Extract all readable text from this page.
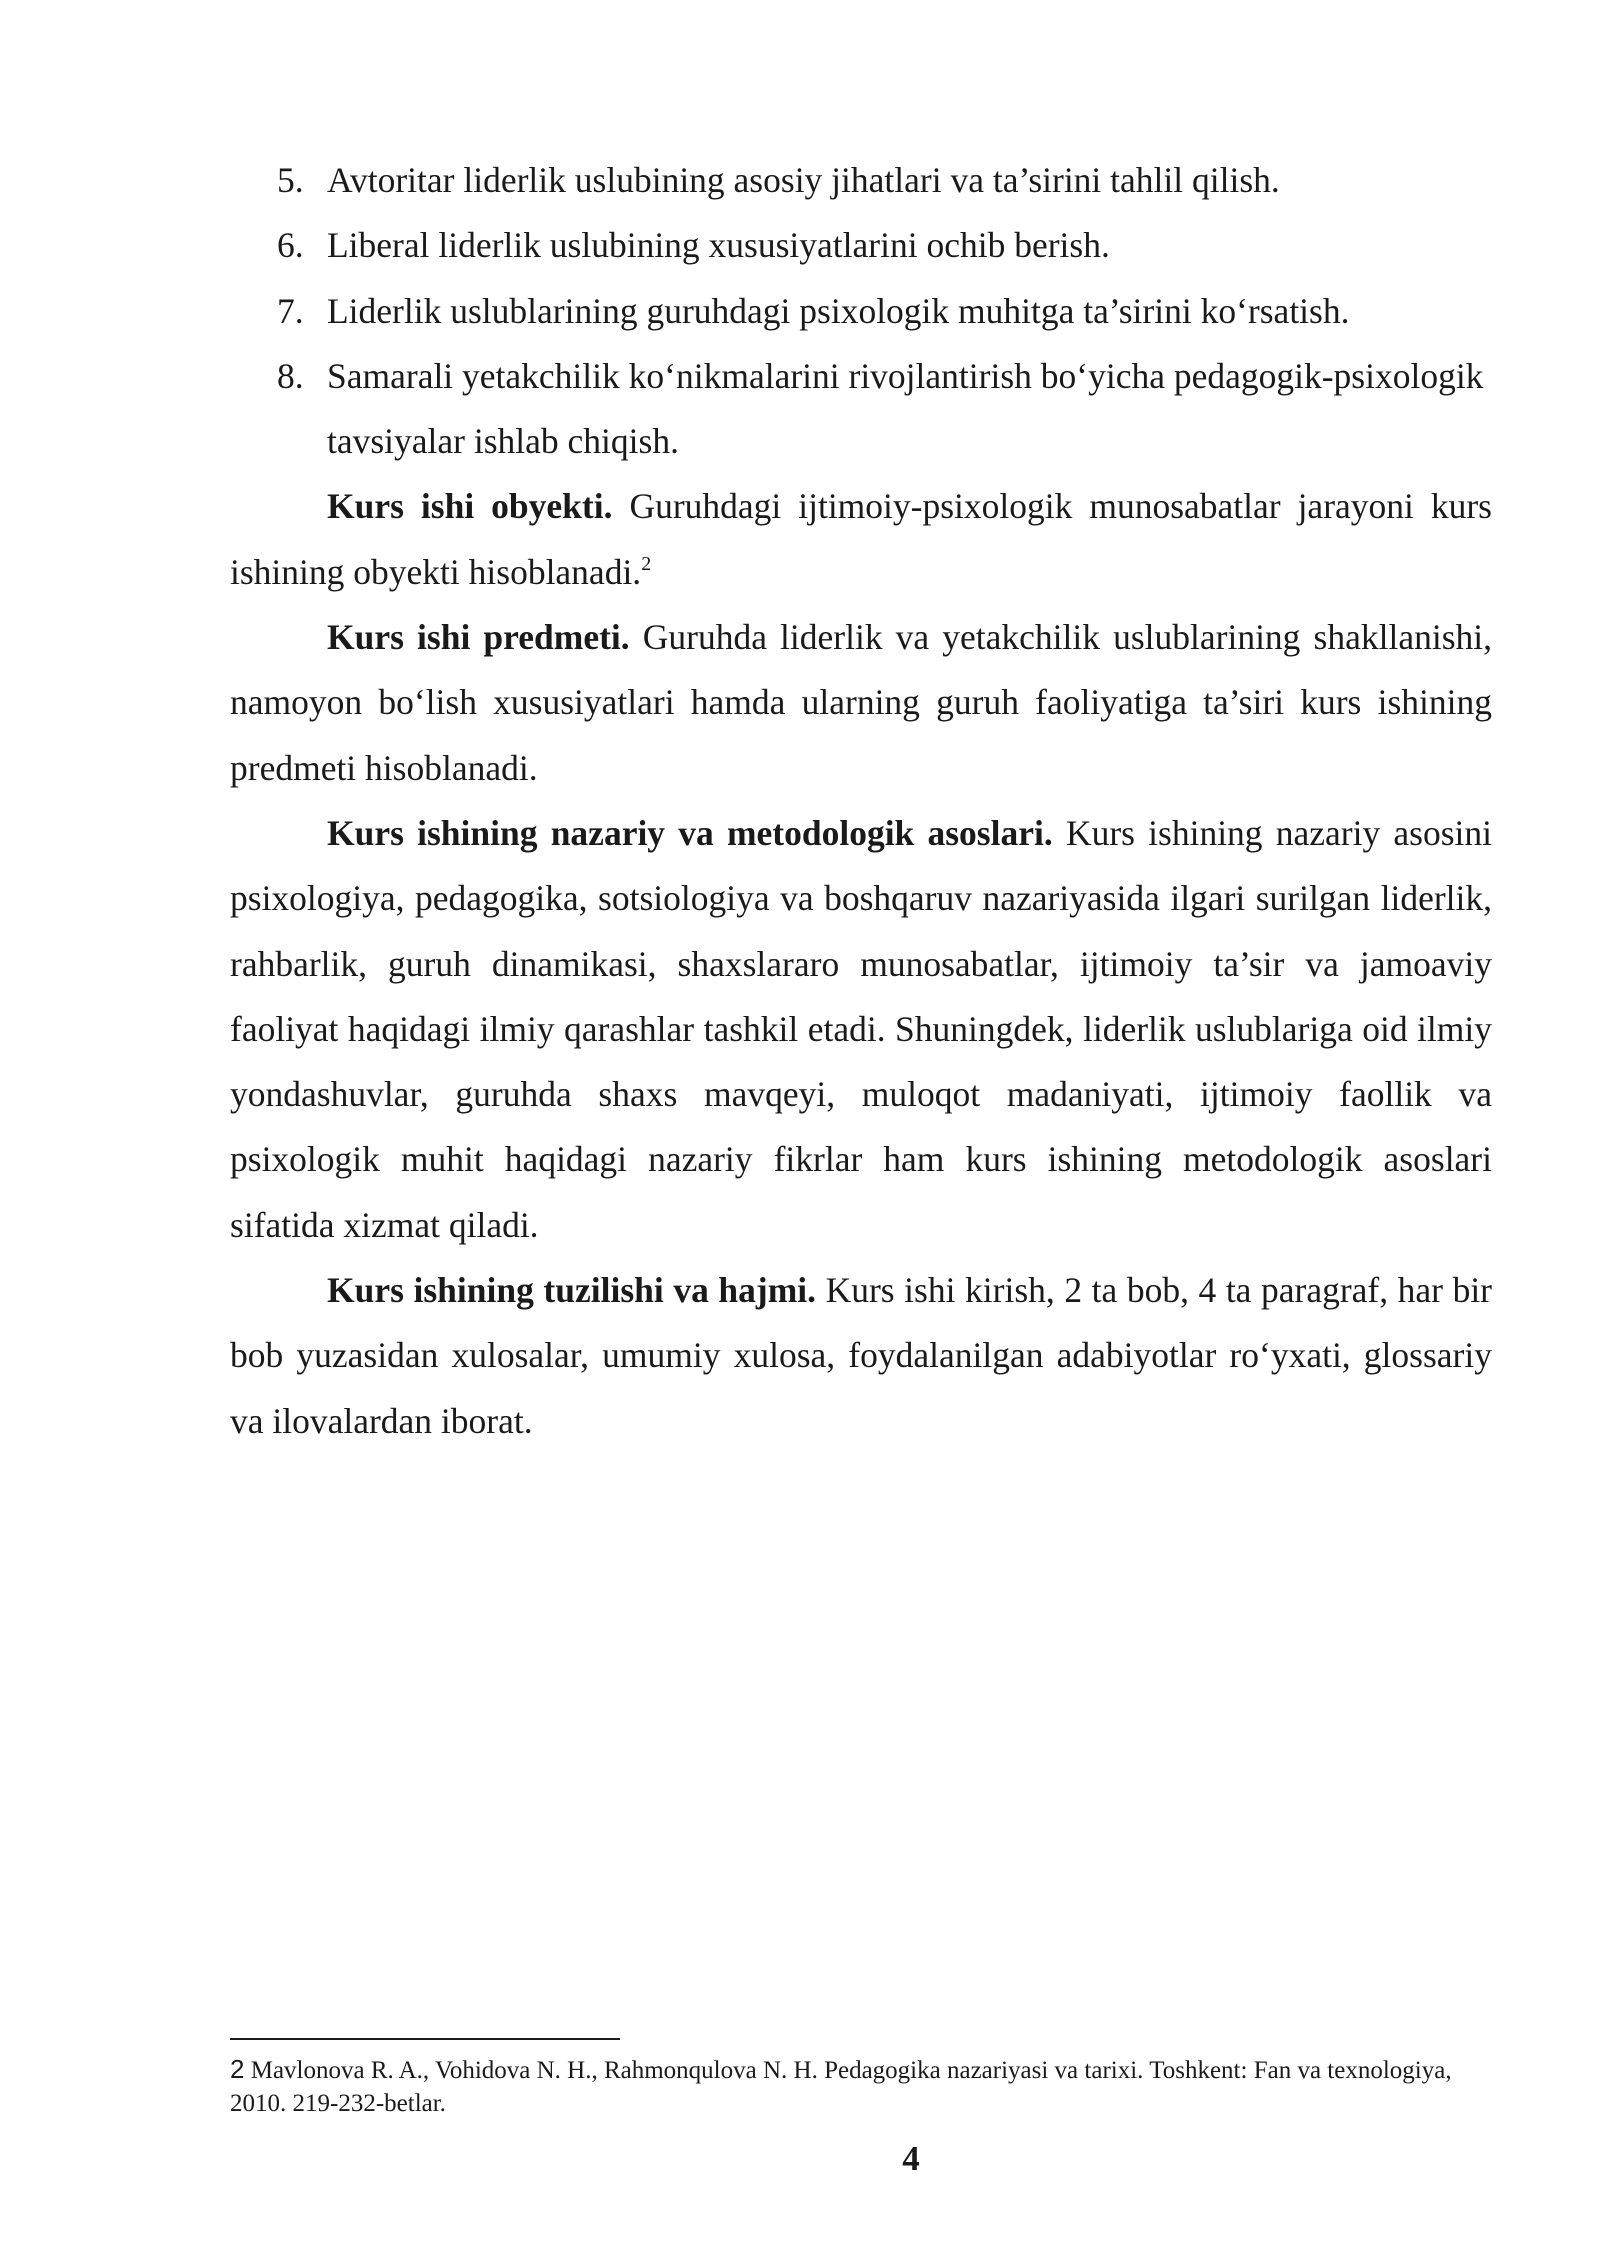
5. Avtoritar liderlik uslubining asosiy jihatlari va ta’sirini tahlil qilish.
6. Liberal liderlik uslubining xususiyatlarini ochib berish.
7. Liderlik uslublarining guruhdagi psixologik muhitga ta’sirini ko‘rsatish.
8. Samarali yetakchilik ko‘nikmalarini rivojlantirish bo‘yicha pedagogik-psixologik tavsiyalar ishlab chiqish.

Kurs ishi obyekti. Guruhdagi ijtimoiy-psixologik munosabatlar jarayoni kurs ishining obyekti hisoblanadi.$^2$

Kurs ishi predmeti. Guruhda liderlik va yetakchilik uslublarining shakllanishi, namoyon bo‘lish xususiyatlari hamda ularning guruh faoliyatiga ta’siri kurs ishining predmeti hisoblanadi.

Kurs ishining nazariy va metodologik asoslari. Kurs ishining nazariy asosini psixologiya, pedagogika, sotsiologiya va boshqaruv nazariyasida ilgari surilgan liderlik, rahbarlik, guruh dinamikasi, shaxslararo munosabatlar, ijtimoiy ta’sir va jamoaviy faoliyat haqidagi ilmiy qarashlar tashkil etadi. Shuningdek, liderlik uslublariga oid ilmiy yondashuvlar, guruhda shaxs mavqeyi, muloqot madaniyati, ijtimoiy faollik va psixologik muhit haqidagi nazariy fikrlar ham kurs ishining metodologik asoslari sifatida xizmat qiladi.

Kurs ishining tuzilishi va hajmi. Kurs ishi kirish, 2 ta bob, 4 ta paragraf, har bir bob yuzasidan xulosalar, umumiy xulosa, foydalanilgan adabiyotlar ro‘yxati, glossariy va ilovalardan iborat.

2 Mavlonova R. A., Vohidova N. H., Rahmonqulova N. H. Pedagogika nazariyasi va tarixi. Toshkent: Fan va texnologiya, 2010. 219-232-betlar.
4
